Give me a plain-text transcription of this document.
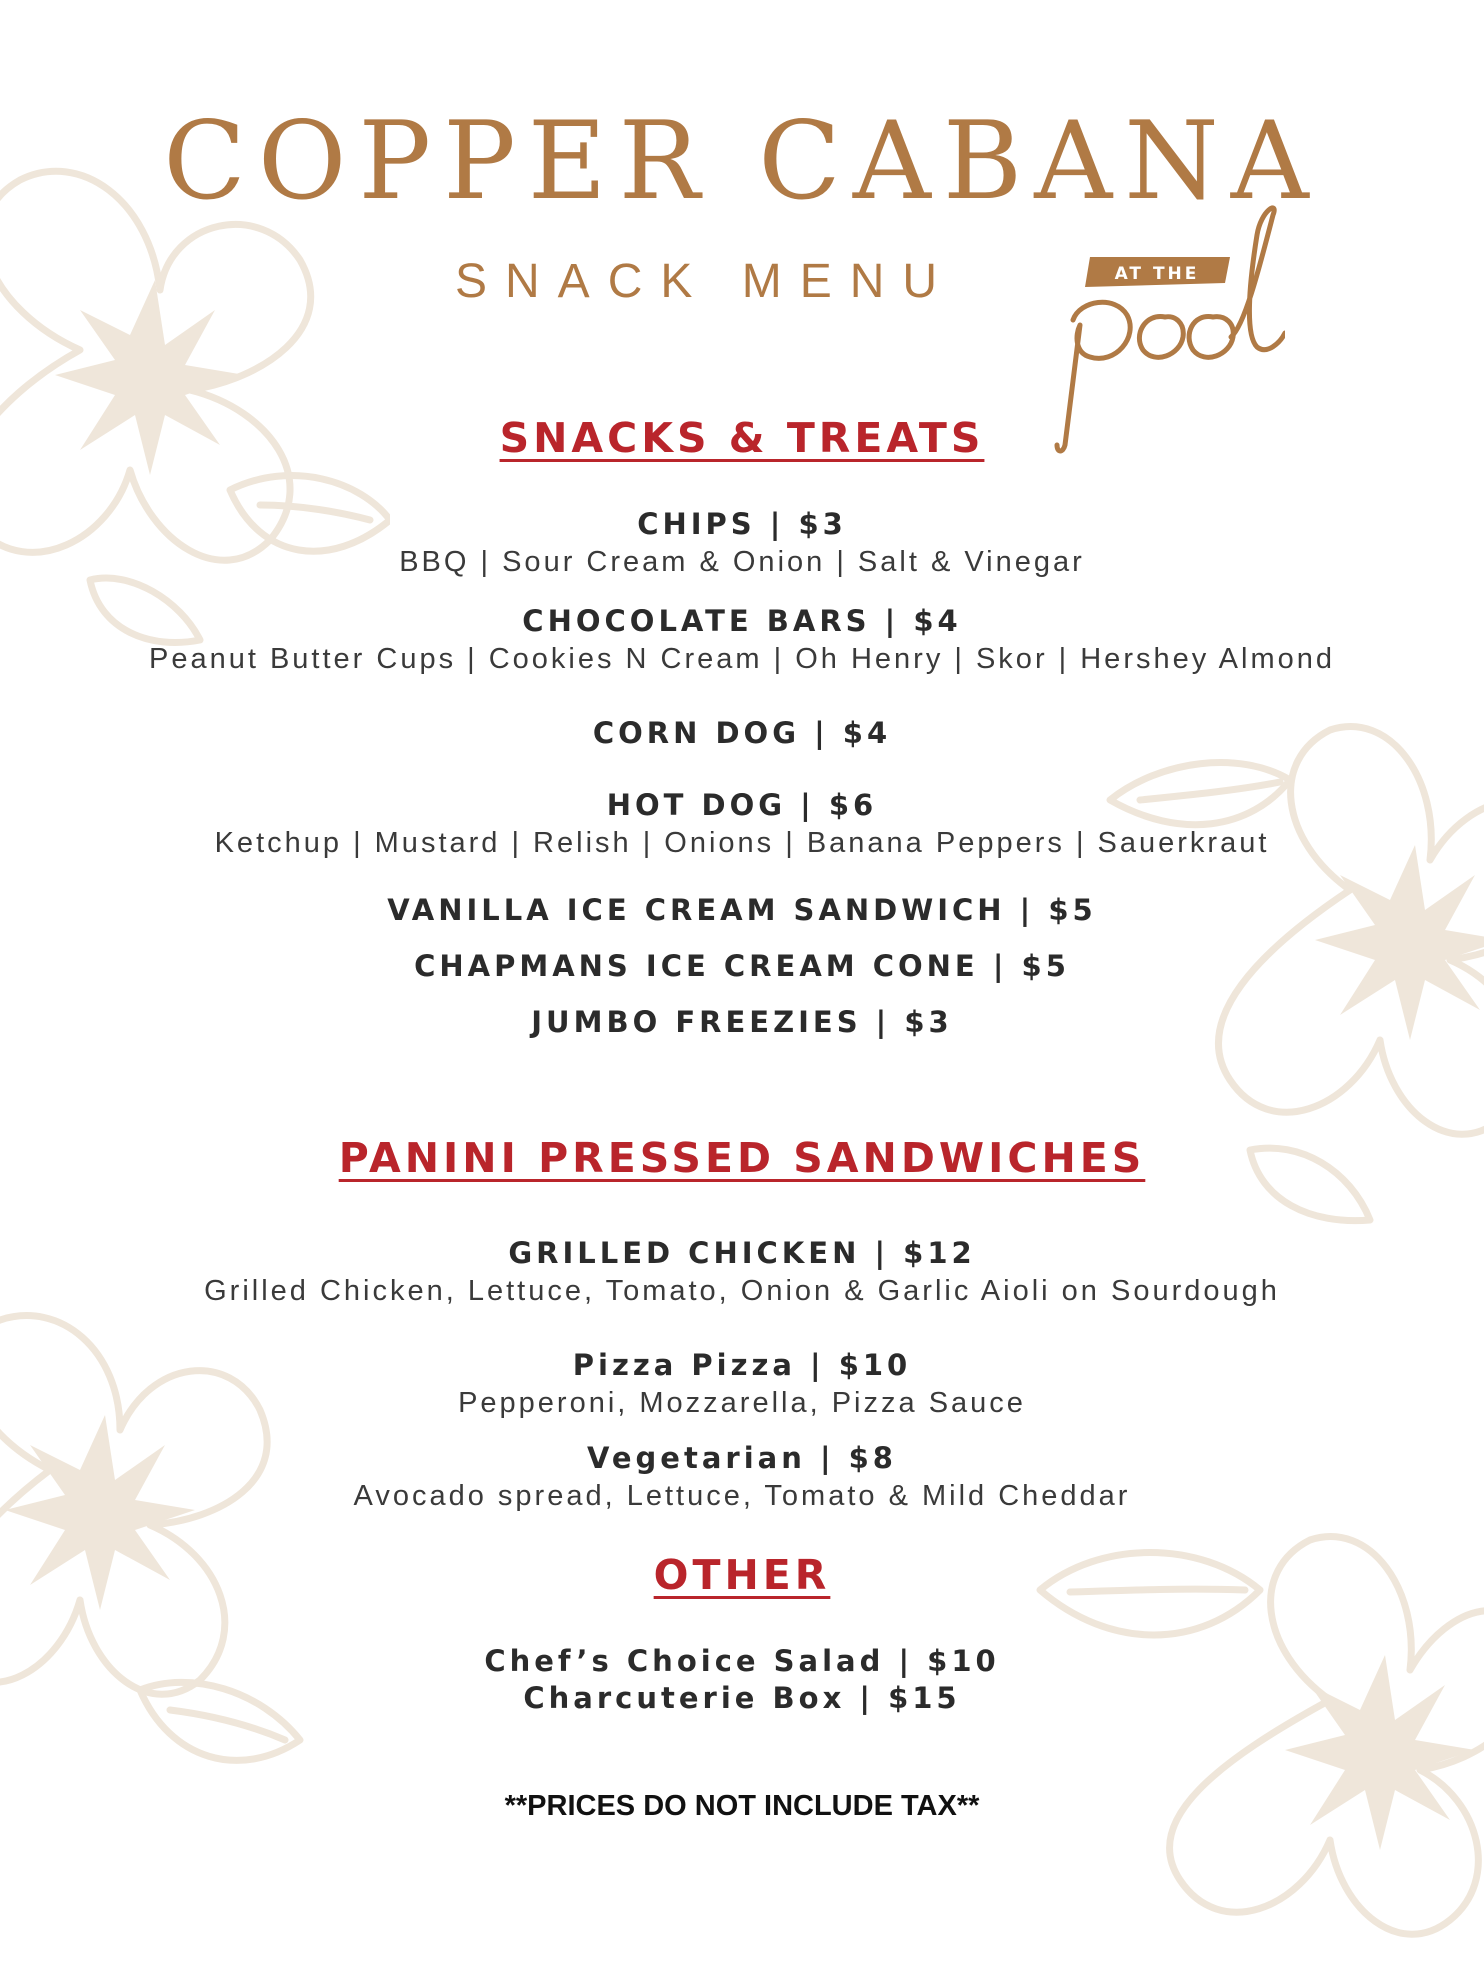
COPPER CABANA
SNACK MENU	AT THE
SNACKS & TREATS
CHIPS | $3
BBQ | Sour Cream & Onion | Salt & Vinegar
CHOCOLATE BARS | $4
Peanut Butter Cups | Cookies N Cream | Oh Henry | Skor | Hershey Almond
CORN DOG | $4
HOT DOG | $6
Ketchup | Mustard | Relish | Onions | Banana Peppers | Sauerkraut
VANILLA ICE CREAM SANDWICH | $5
CHAPMANS ICE CREAM CONE | $5
JUMBO FREEZIES | $3
PANINI PRESSED SANDWICHES
GRILLED CHICKEN | $12
Grilled Chicken, Lettuce, Tomato, Onion & Garlic Aioli on Sourdough
Pizza Pizza | $10
Pepperoni, Mozzarella, Pizza Sauce
Vegetarian | $8
Avocado spread, Lettuce, Tomato & Mild Cheddar
OTHER
Chef’s Choice Salad | $10
Charcuterie Box | $15
**PRICES DO NOT INCLUDE TAX**
